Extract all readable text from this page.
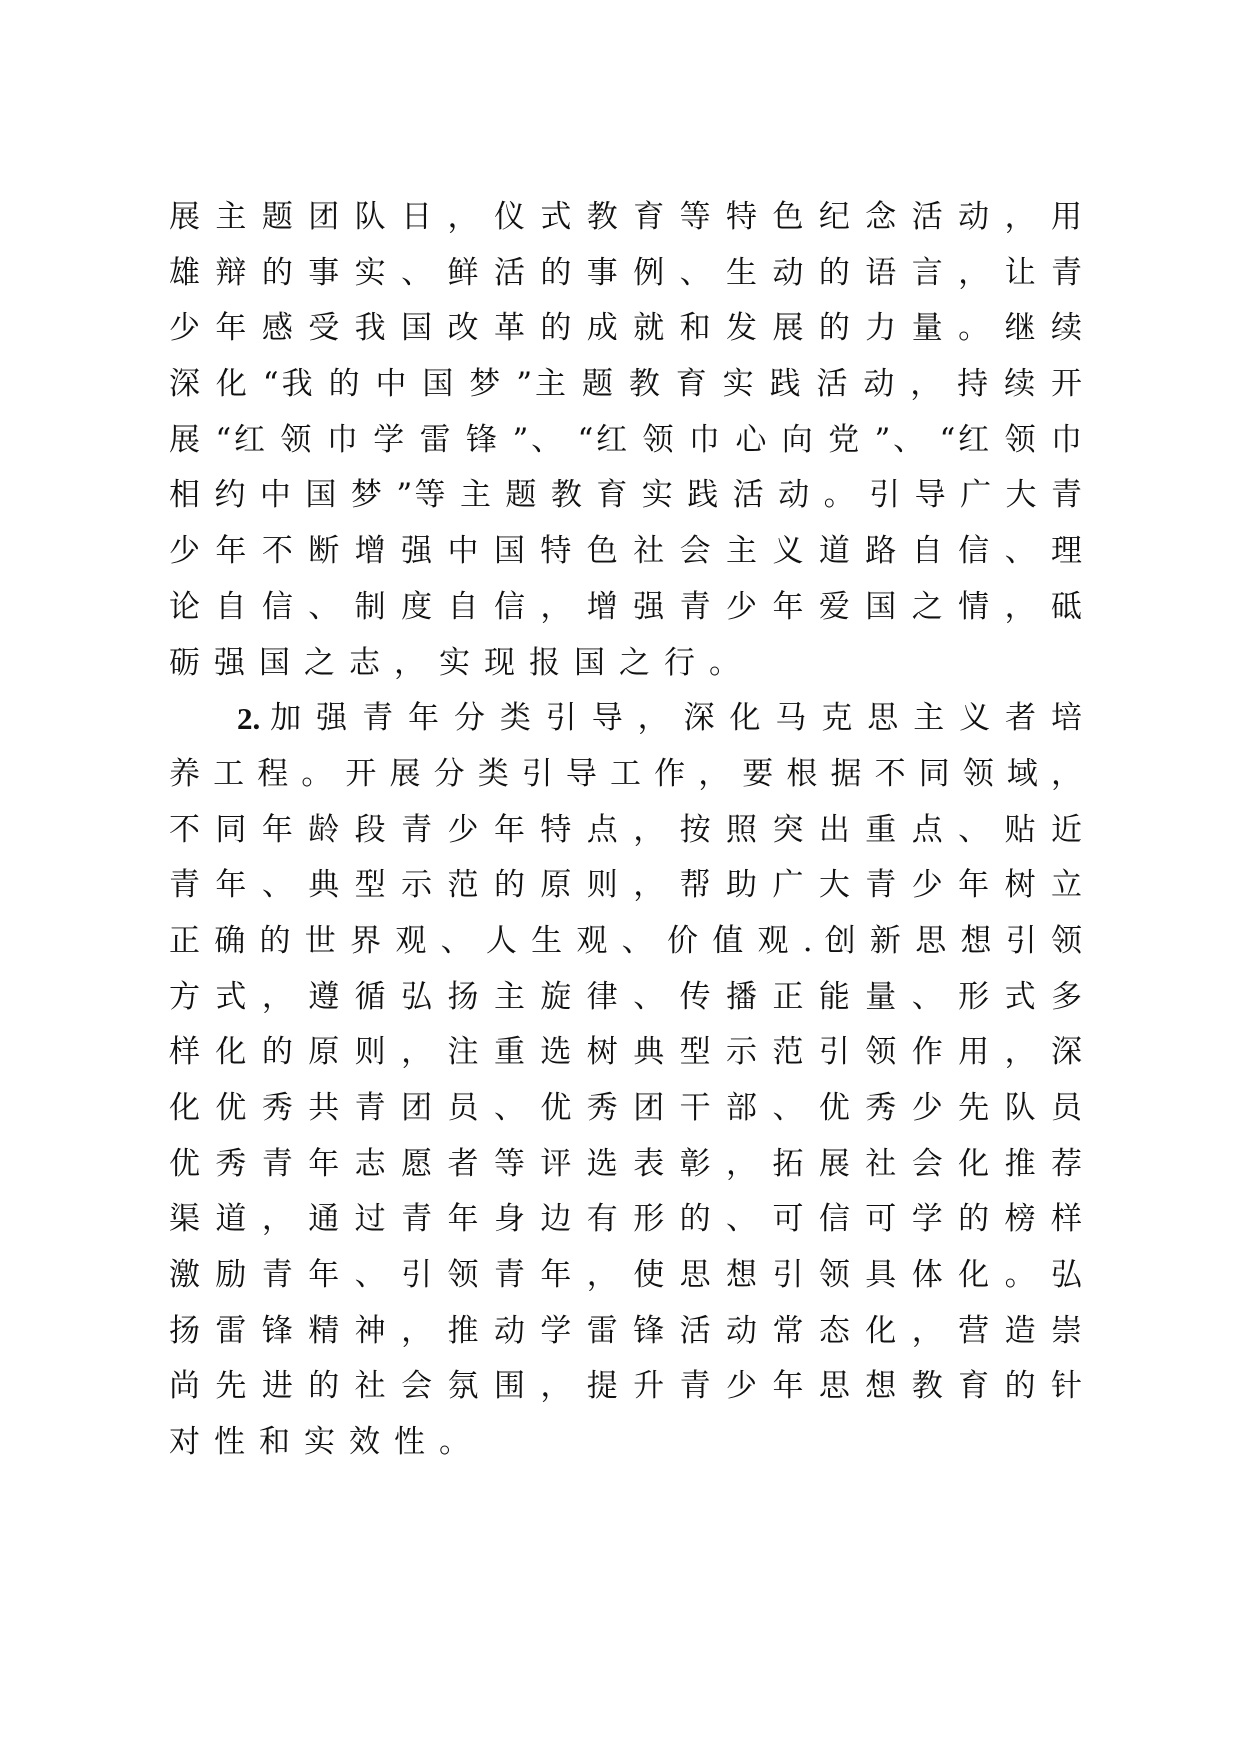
展 主 题 团 队 日 ， 仪 式 教 育 等 特 色 纪 念 活 动 ， 用
雄 辩 的 事 实 、 鲜 活 的 事 例 、 生 动 的 语 言 ， 让 青
少 年 感 受 我 国 改 革 的 成 就 和 发 展 的 力 量 。 继 续
深 化 “我 的 中 国 梦 ”主 题 教 育 实 践 活 动 ， 持 续 开
展 “红 领 巾 学 雷 锋 ”、 “红 领 巾 心 向 党 ”、 “红 领 巾
相 约 中 国 梦 ”等 主 题 教 育 实 践 活 动 。 引 导 广 大 青
少 年 不 断 增 强 中 国 特 色 社 会 主 义 道 路 自 信 、 理
论 自 信 、 制 度 自 信 ， 增 强 青 少 年 爱 国 之 情 ， 砥
砺强国之志，实现报国之行。
2. 加 强 青 年 分 类 引 导 ， 深 化 马 克 思 主 义 者 培
养 工 程 。 开 展 分 类 引 导 工 作 ， 要 根 据 不 同 领 域 ，
不 同 年 龄 段 青 少 年 特 点 ， 按 照 突 出 重 点 、 贴 近
青 年 、 典 型 示 范 的 原 则 ， 帮 助 广 大 青 少 年 树 立
正 确 的 世 界 观 、 人 生 观 、 价 值 观 . 创 新 思 想 引 领
方 式 ， 遵 循 弘 扬 主 旋 律 、 传 播 正 能 量 、 形 式 多
样 化 的 原 则 ， 注 重 选 树 典 型 示 范 引 领 作 用 ， 深
化 优 秀 共 青 团 员 、 优 秀 团 干 部 、 优 秀 少 先 队 员
优 秀 青 年 志 愿 者 等 评 选 表 彰 ， 拓 展 社 会 化 推 荐
渠 道 ， 通 过 青 年 身 边 有 形 的 、 可 信 可 学 的 榜 样
激 励 青 年 、 引 领 青 年 ， 使 思 想 引 领 具 体 化 。 弘
扬 雷 锋 精 神 ， 推 动 学 雷 锋 活 动 常 态 化 ， 营 造 崇
尚 先 进 的 社 会 氛 围 ， 提 升 青 少 年 思 想 教 育 的 针
对性和实效性。
